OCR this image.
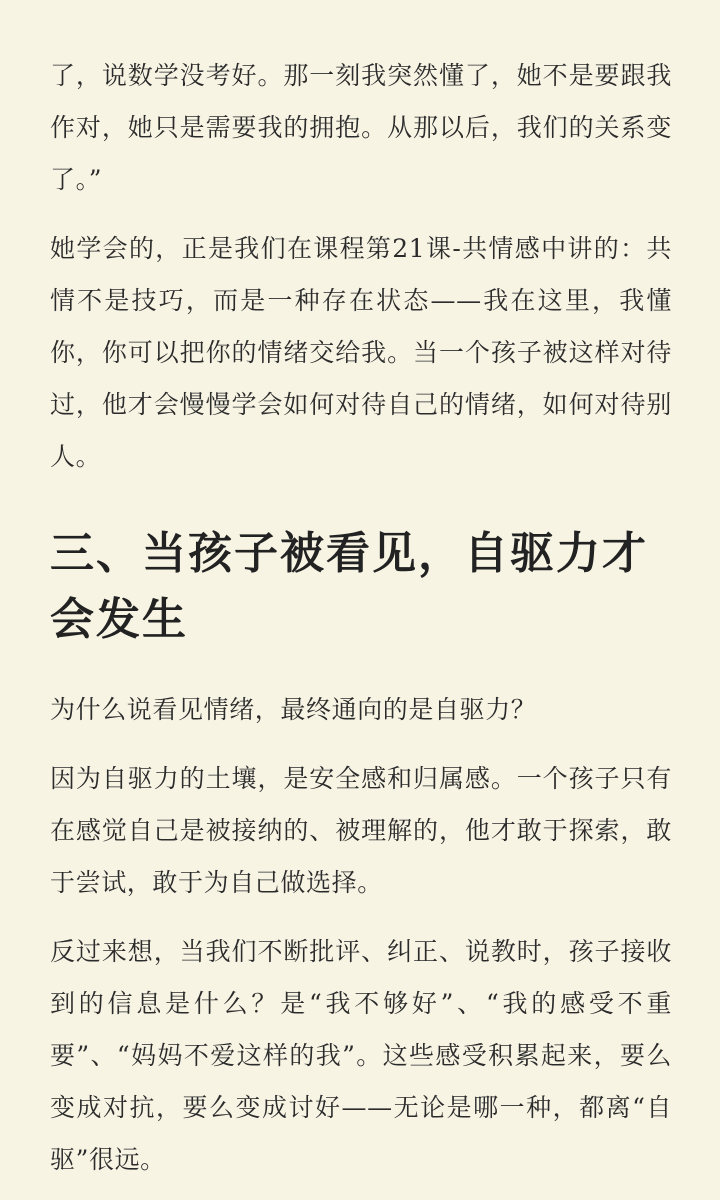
了，说数学没考好。那一刻我突然懂了，她不是要跟我作对，她只是需要我的拥抱。从那以后，我们的关系变了。”

她学会的，正是我们在课程第21课-共情感中讲的：共情不是技巧，而是一种存在状态——我在这里，我懂你，你可以把你的情绪交给我。当一个孩子被这样对待过，他才会慢慢学会如何对待自己的情绪，如何对待别人。

三、当孩子被看见，自驱力才会发生

为什么说看见情绪，最终通向的是自驱力？

因为自驱力的土壤，是安全感和归属感。一个孩子只有在感觉自己是被接纳的、被理解的，他才敢于探索，敢于尝试，敢于为自己做选择。

反过来想，当我们不断批评、纠正、说教时，孩子接收到的信息是什么？是“我不够好”、“我的感受不重要”、“妈妈不爱这样的我”。这些感受积累起来，要么变成对抗，要么变成讨好——无论是哪一种，都离“自驱”很远。
